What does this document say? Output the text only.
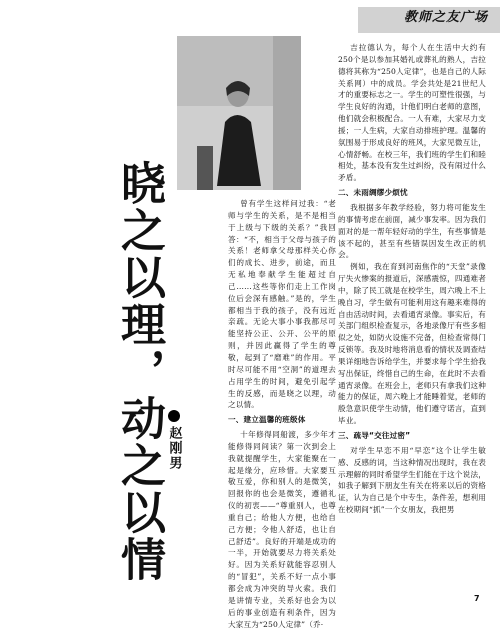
教师之友广场
晓之以理，动之以情 赵刚男

曾有学生这样问过我：“老师与学生的关系，是不是相当于上级与下级的关系？”我回答：“不，相当于父母与孩子的关系！老师拿父母那样关心你们的成长、进步，前途，而且无私地奉献学生能超过自己……这些等你们走上工作岗位后会深有感触。”是的，学生都相当于我的孩子，没有远近亲疏。无论大事小事我都尽可能坚持公正、公开、公平的原则，并因此赢得了学生的尊敬，起到了“磨难”的作用。平时尽可能不用“空洞”的道理去占用学生的时间，避免引起学生的反感，而是晓之以理，动之以情。

一、建立温馨的班级体

十年修得同船渡，多少年才能修得同间读？第一次到会上我就提醒学生，大家能聚在一起是缘分，应珍惜。大家要互敬互爱，你和别人的是微笑，回报你的也会是微笑，遵循礼仪的初衷——“尊重别人，也尊重自己；给他人方便，也给自己方便；令他人舒适，也让自己舒适”。良好的开端是成功的一半，开始就要尽力将关系处好。因为关系好就能容忍别人的“冒犯”，关系不好一点小事都会成为冲突的导火索。我们是讲情专业，关系好也会为以后的事业创造有利条件，因为大家互为“250人定律”（乔·

吉拉德认为，每个人在生活中大约有250个是以参加其婚礼或葬礼的熟人，吉拉德将其称为“250人定律”，也是自己的人际关系网）中的成员。学会共处是21世纪人才的重要标志之一。学生的可塑性很强，与学生良好的沟通，计他们明白老师的意图，他们就会积极配合。一人有难，大家尽力支援；一人生病，大家自动排班护理。温馨的氛围易于形成良好的班风，大家见微互让，心情舒畅。在校三年，我们班的学生们和睦相处，基本没有发生过纠纷，没有闹过什么矛盾。

二、未雨绸缪少烦忧

我根据多年教学经验，努力将可能发生的事情考虑在前面，减少事发率。因为我们面对的是一帮年轻好动的学生，有些事情是该不起的，甚至有些错误因发生改正的机会。

例如，我在育到河南焦作的“天堂”录像厅失火惨案的报道后，深感震惊，四通难者中，除了民工就是在校学生，周六晚上不上晚自习，学生做有可能利用这有趣来难得的自由活动时间，去看通宵录像。事实后，有关部门组织检查复示，各地录像厅有些多相似之处，如防火设施不完备，但检查常得门反锁等。我及时地将消息看的情状及调查结果详细地告诉给学生，并要求每个学生拾我写出保证，终惜自己的生命，在此时不去看通宵录像。在班会上，老师只有拿我们这种能力的保证，周六晚上才能睡着觉，老师的殷急意识使学生动情，他们遵守诺言，直到毕业。

三、疏导“交往过密”

对学生早恋不用“早恋”这个让学生敏感、反感的词，当这种情况出现时，我在表示理解的同时希望学生们能在于这个说法，如我子解到下朋友生有关在将来以后的资格证，认为自己是个中专生，条件差，想利用在校期间“抓”一个女朋友，我把男

7
